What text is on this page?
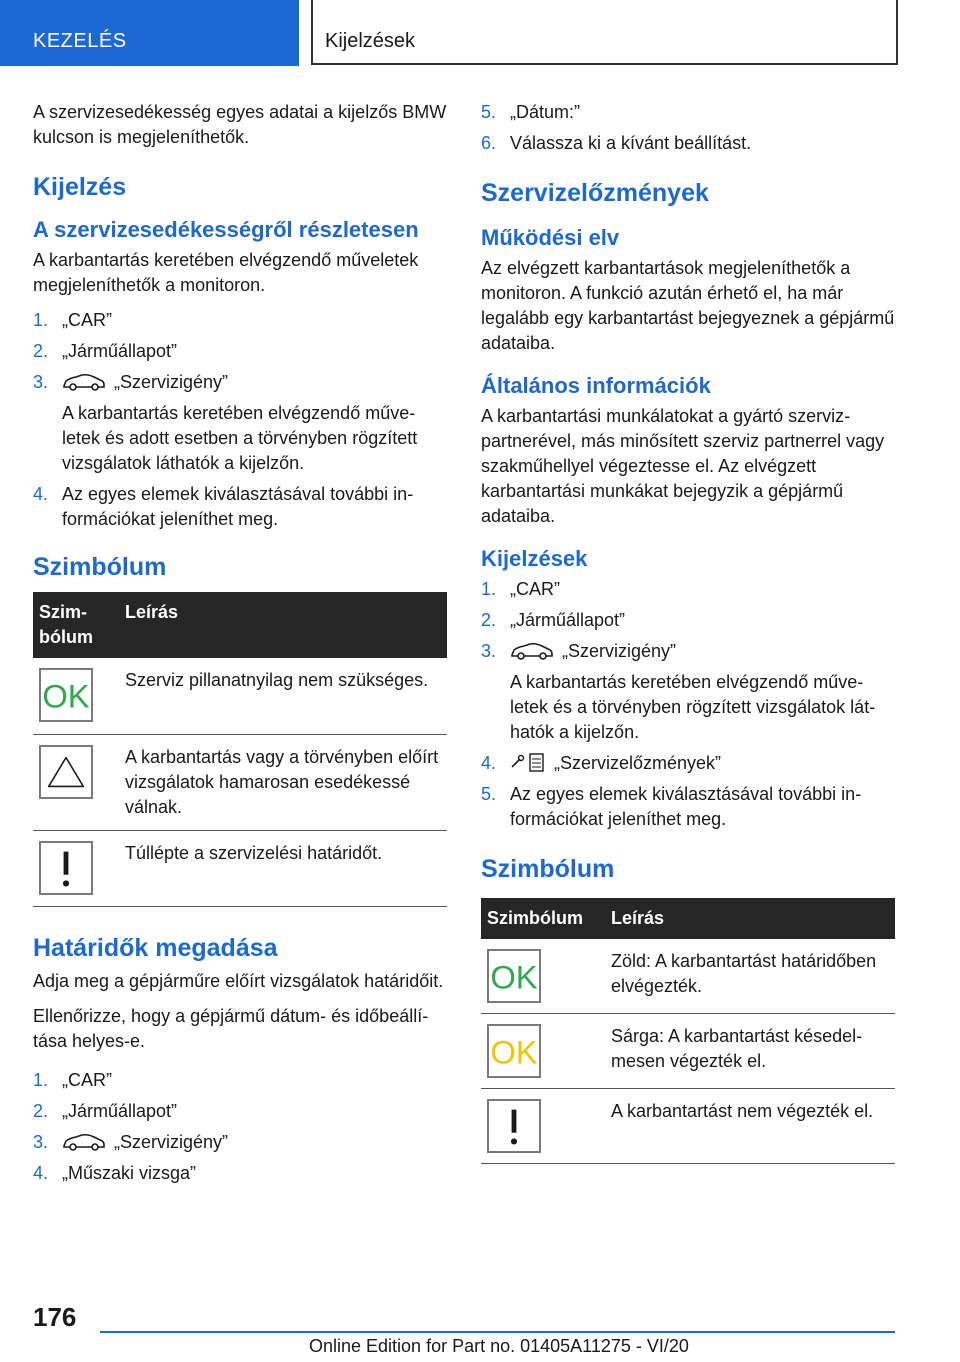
KEZELÉS	Kijelzések

A szervizesedékesség egyes adatai a kijelzős BMW kulcson is megjeleníthetők.

Kijelzés
A szervizesedékességről részletesen

A karbantartás keretében elvégzendő műveletek megjeleníthetők a monitoron.

1. „CAR”
2. „Járműállapot”
3.	„Szervizigény”
A karbantartás keretében elvégzendő műveletek és adott esetben a törvényben rögzített vizsgálatok láthatók a kijelzőn.
4. Az egyes elemek kiválasztásával további információkat jeleníthet meg.
Szimbólum
Szimbólum	Leírás

OK	Szerviz pillanatnyilag nem szükséges.

	A karbantartás vagy a törvényben előírt vizsgálatok hamarosan esedékessé válnak.

	Túllépte a szervizelési határidőt.
Határidők megadása

Adja meg a gépjárműre előírt vizsgálatok határidőit.

Ellenőrizze, hogy a gépjármű dátum- és időbeállítása helyes-e.

1. „CAR”
2. „Járműállapot”
3.	„Szervizigény”
4. „Műszaki vizsga”
5. „Dátum:”
6. Válassza ki a kívánt beállítást.
Szervizelőzmények
Működési elv

Az elvégzett karbantartások megjeleníthetők a monitoron. A funkció azután érhető el, ha már legalább egy karbantartást bejegyeznek a gépjármű adataiba.

Általános információk

A karbantartási munkálatokat a gyártó szervizpartnerével, más minősített szerviz partnerrel vagy szakműhellyel végeztesse el. Az elvégzett karbantartási munkákat bejegyzik a gépjármű adataiba.

Kijelzések
1. „CAR”
2. „Járműállapot”
3.	„Szervizigény”
A karbantartás keretében elvégzendő műveletek és a törvényben rögzített vizsgálatok láthatók a kijelzőn.
4.	„Szervizelőzmények”
5. Az egyes elemek kiválasztásával további információkat jeleníthet meg.
Szimbólum
Szimbólum	Leírás

OK	Zöld: A karbantartást határidőben elvégezték.

OK	Sárga: A karbantartást késedelmesen végezték el.

	A karbantartást nem végezték el.
176
Online Edition for Part no. 01405A11275 - VI/20
